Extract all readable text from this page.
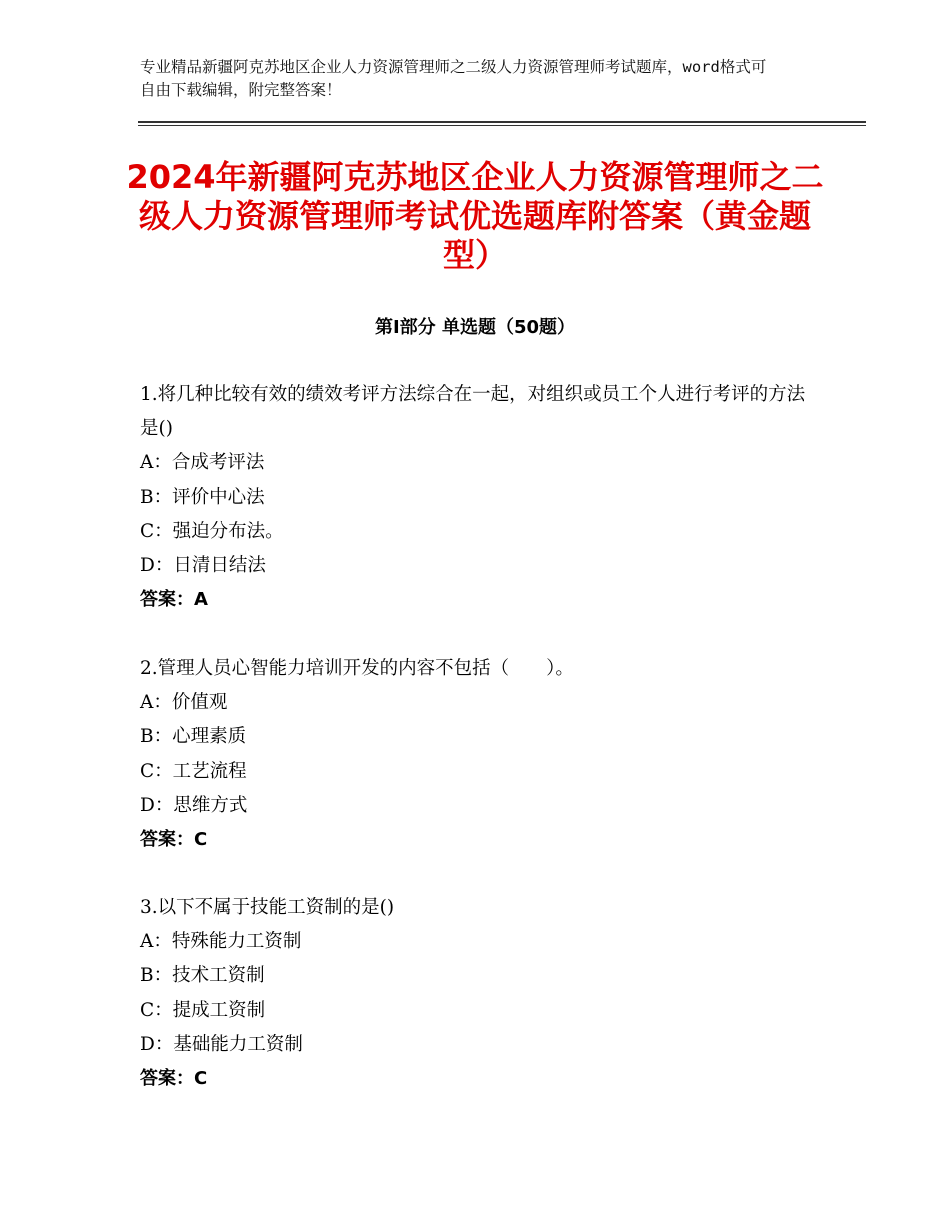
专业精品新疆阿克苏地区企业人力资源管理师之二级人力资源管理师考试题库，word格式可自由下载编辑，附完整答案！
2024年新疆阿克苏地区企业人力资源管理师之二级人力资源管理师考试优选题库附答案（黄金题型）
第Ⅰ部分 单选题（50题）
1.将几种比较有效的绩效考评方法综合在一起，对组织或员工个人进行考评的方法是()
A：合成考评法
B：评价中心法
C：强迫分布法。
D：日清日结法
答案：A
2.管理人员心智能力培训开发的内容不包括（　　）。
A：价值观
B：心理素质
C：工艺流程
D：思维方式
答案：C
3.以下不属于技能工资制的是()
A：特殊能力工资制
B：技术工资制
C：提成工资制
D：基础能力工资制
答案：C
